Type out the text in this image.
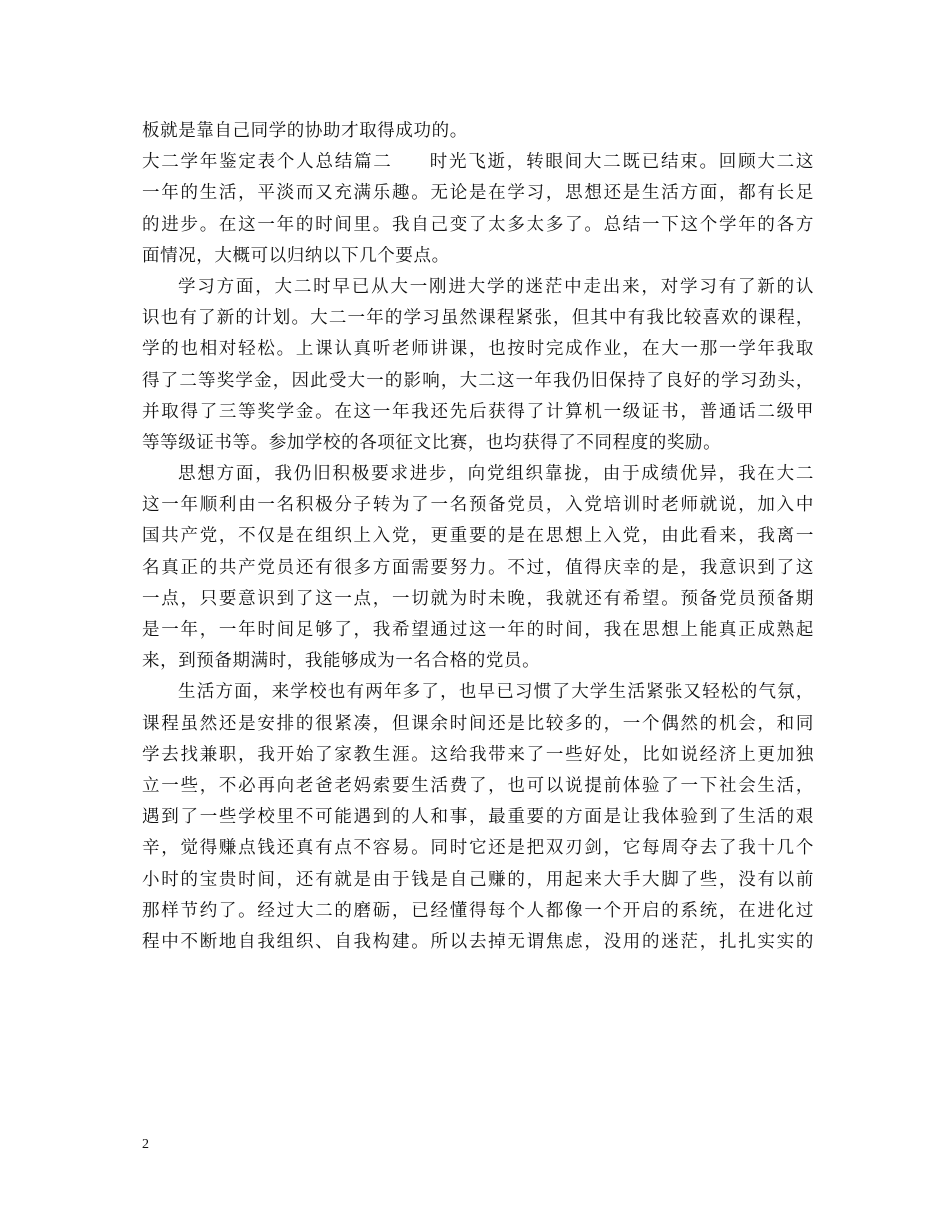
板就是靠自己同学的协助才取得成功的。
大二学年鉴定表个人总结篇二 时光飞逝，转眼间大二既已结束。回顾大二这
一年的生活，平淡而又充满乐趣。无论是在学习，思想还是生活方面，都有长足
的进步。在这一年的时间里。我自己变了太多太多了。总结一下这个学年的各方
面情况，大概可以归纳以下几个要点。
学习方面，大二时早已从大一刚进大学的迷茫中走出来，对学习有了新的认
识也有了新的计划。大二一年的学习虽然课程紧张，但其中有我比较喜欢的课程，
学的也相对轻松。上课认真听老师讲课，也按时完成作业，在大一那一学年我取
得了二等奖学金，因此受大一的影响，大二这一年我仍旧保持了良好的学习劲头，
并取得了三等奖学金。在这一年我还先后获得了计算机一级证书，普通话二级甲
等等级证书等。参加学校的各项征文比赛，也均获得了不同程度的奖励。
思想方面，我仍旧积极要求进步，向党组织靠拢，由于成绩优异，我在大二
这一年顺利由一名积极分子转为了一名预备党员，入党培训时老师就说，加入中
国共产党，不仅是在组织上入党，更重要的是在思想上入党，由此看来，我离一
名真正的共产党员还有很多方面需要努力。不过，值得庆幸的是，我意识到了这
一点，只要意识到了这一点，一切就为时未晚，我就还有希望。预备党员预备期
是一年，一年时间足够了，我希望通过这一年的时间，我在思想上能真正成熟起
来，到预备期满时，我能够成为一名合格的党员。
生活方面，来学校也有两年多了，也早已习惯了大学生活紧张又轻松的气氛，
课程虽然还是安排的很紧凑，但课余时间还是比较多的，一个偶然的机会，和同
学去找兼职，我开始了家教生涯。这给我带来了一些好处，比如说经济上更加独
立一些，不必再向老爸老妈索要生活费了，也可以说提前体验了一下社会生活，
遇到了一些学校里不可能遇到的人和事，最重要的方面是让我体验到了生活的艰
辛，觉得赚点钱还真有点不容易。同时它还是把双刃剑，它每周夺去了我十几个
小时的宝贵时间，还有就是由于钱是自己赚的，用起来大手大脚了些，没有以前
那样节约了。经过大二的磨砺，已经懂得每个人都像一个开启的系统，在进化过
程中不断地自我组织、自我构建。所以去掉无谓焦虑，没用的迷茫，扎扎实实的
2
